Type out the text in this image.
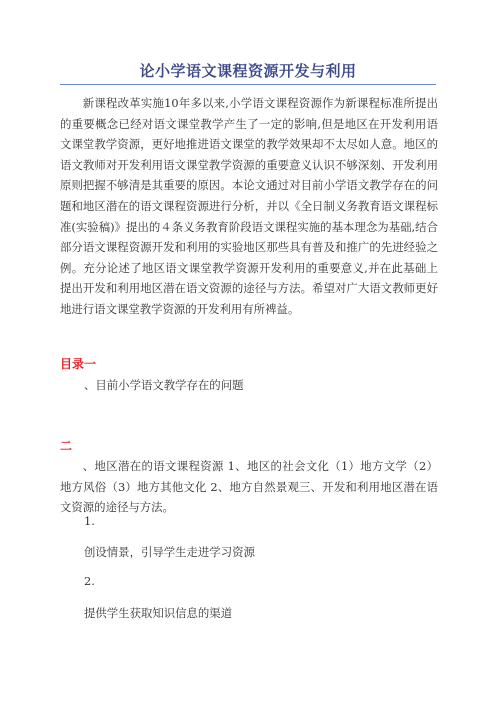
论小学语文课程资源开发与利用

新课程改革实施10年多以来,小学语文课程资源作为新课程标准所提出的重要概念已经对语文课堂教学产生了一定的影响,但是地区在开发利用语文课堂教学资源，更好地推进语文课堂的教学效果却不太尽如人意。地区的语文教师对开发利用语文课堂教学资源的重要意义认识不够深刻、开发利用原则把握不够清是其重要的原因。本论文通过对目前小学语文教学存在的问题和地区潜在的语文课程资源进行分析，并以《全日制义务教育语文课程标准(实验稿)》提出的４条义务教育阶段语文课程实施的基本理念为基础,结合部分语文课程资源开发和利用的实验地区那些具有普及和推广的先进经验之例。充分论述了地区语文课堂教学资源开发利用的重要意义,并在此基础上提出开发和利用地区潜在语文资源的途径与方法。希望对广大语文教师更好地进行语文课堂教学资源的开发利用有所裨益。

目录一

、目前小学语文教学存在的问题

二

、地区潜在的语文课程资源 1、地区的社会文化（1）地方文学（2）地方风俗（3）地方其他文化 2、地方自然景观三、开发和利用地区潜在语文资源的途径与方法。

1.

创设情景，引导学生走进学习资源

2.

提供学生获取知识信息的渠道
